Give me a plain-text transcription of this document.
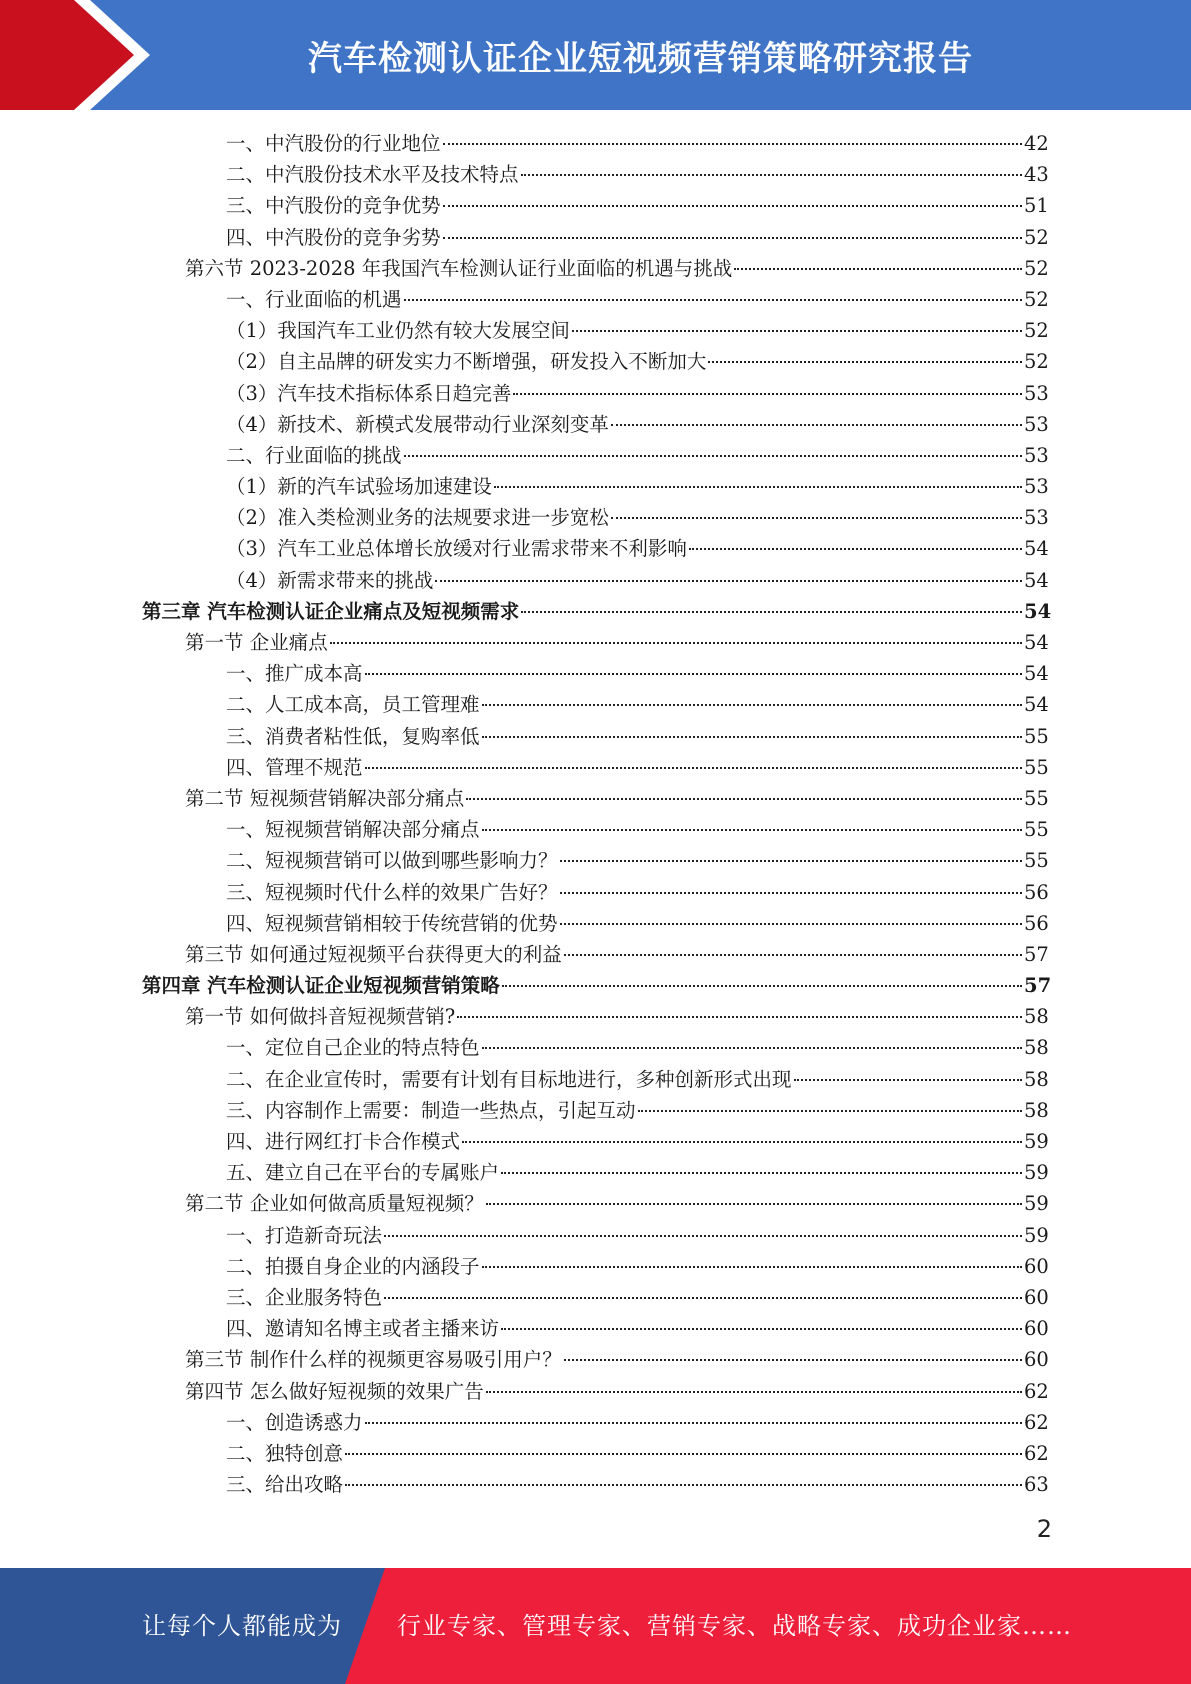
汽车检测认证企业短视频营销策略研究报告
一、中汽股份的行业地位	42
二、中汽股份技术水平及技术特点	43
三、中汽股份的竞争优势	51
四、中汽股份的竞争劣势	52
第六节 2023-2028 年我国汽车检测认证行业面临的机遇与挑战	52
一、行业面临的机遇	52
（1）我国汽车工业仍然有较大发展空间	52
（2）自主品牌的研发实力不断增强，研发投入不断加大	52
（3）汽车技术指标体系日趋完善	53
（4）新技术、新模式发展带动行业深刻变革	53
二、行业面临的挑战	53
（1）新的汽车试验场加速建设	53
（2）准入类检测业务的法规要求进一步宽松	53
（3）汽车工业总体增长放缓对行业需求带来不利影响	54
（4）新需求带来的挑战	54
第三章 汽车检测认证企业痛点及短视频需求	54
第一节 企业痛点	54
一、推广成本高	54
二、人工成本高，员工管理难	54
三、消费者粘性低，复购率低	55
四、管理不规范	55
第二节 短视频营销解决部分痛点	55
一、短视频营销解决部分痛点	55
二、短视频营销可以做到哪些影响力？	55
三、短视频时代什么样的效果广告好？	56
四、短视频营销相较于传统营销的优势	56
第三节 如何通过短视频平台获得更大的利益	57
第四章 汽车检测认证企业短视频营销策略	57
第一节 如何做抖音短视频营销?	58
一、定位自己企业的特点特色	58
二、在企业宣传时，需要有计划有目标地进行，多种创新形式出现	58
三、内容制作上需要：制造一些热点，引起互动	58
四、进行网红打卡合作模式	59
五、建立自己在平台的专属账户	59
第二节 企业如何做高质量短视频？	59
一、打造新奇玩法	59
二、拍摄自身企业的内涵段子	60
三、企业服务特色	60
四、邀请知名博主或者主播来访	60
第三节 制作什么样的视频更容易吸引用户？	60
第四节 怎么做好短视频的效果广告	62
一、创造诱惑力	62
二、独特创意	62
三、给出攻略	63
2
让每个人都能成为 行业专家、管理专家、营销专家、战略专家、成功企业家……
